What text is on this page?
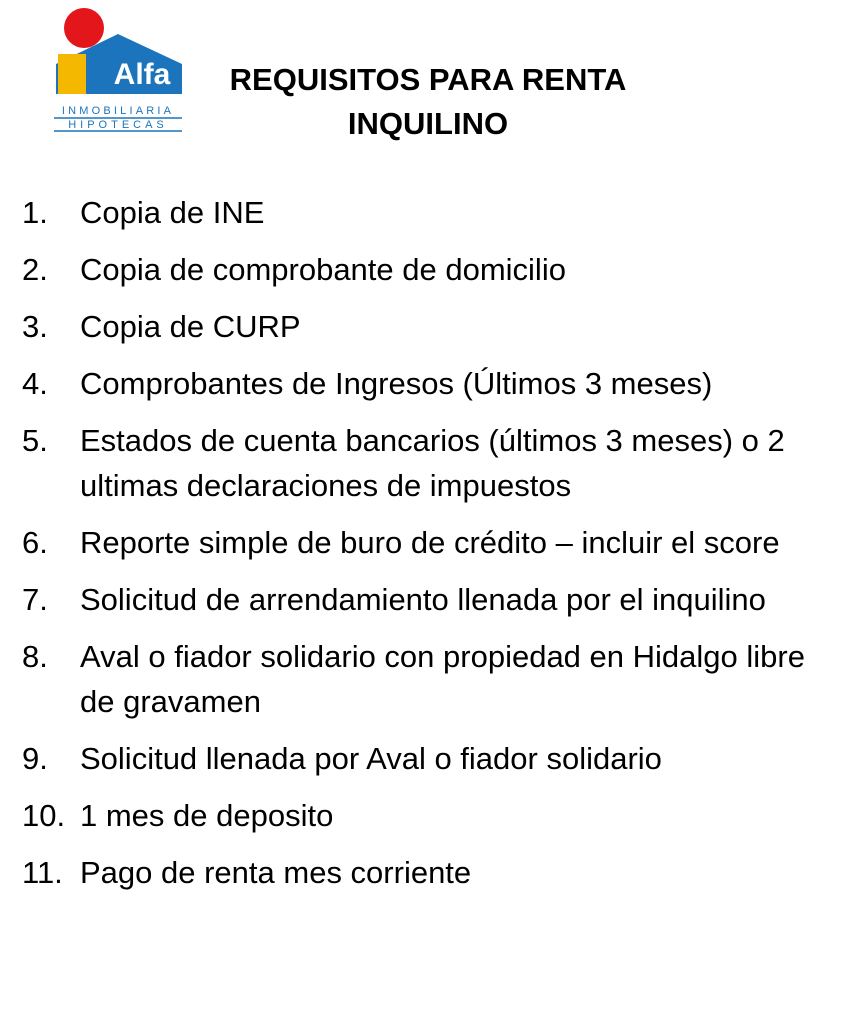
Alfa
INMOBILIARIA
HIPOTECAS
REQUISITOS PARA RENTA
INQUILINO
1.	Copia de INE
2.	Copia de comprobante de domicilio
3.	Copia de CURP
4.	Comprobantes de Ingresos (Últimos 3 meses)
5.	Estados de cuenta bancarios (últimos 3 meses) o 2 ultimas declaraciones de impuestos
6.	Reporte simple de buro de crédito – incluir el score
7.	Solicitud de arrendamiento llenada por el inquilino
8.	Aval o fiador solidario con propiedad en Hidalgo libre de gravamen
9.	Solicitud llenada por Aval o fiador solidario
10. 1 mes de deposito
11. Pago de renta mes corriente
